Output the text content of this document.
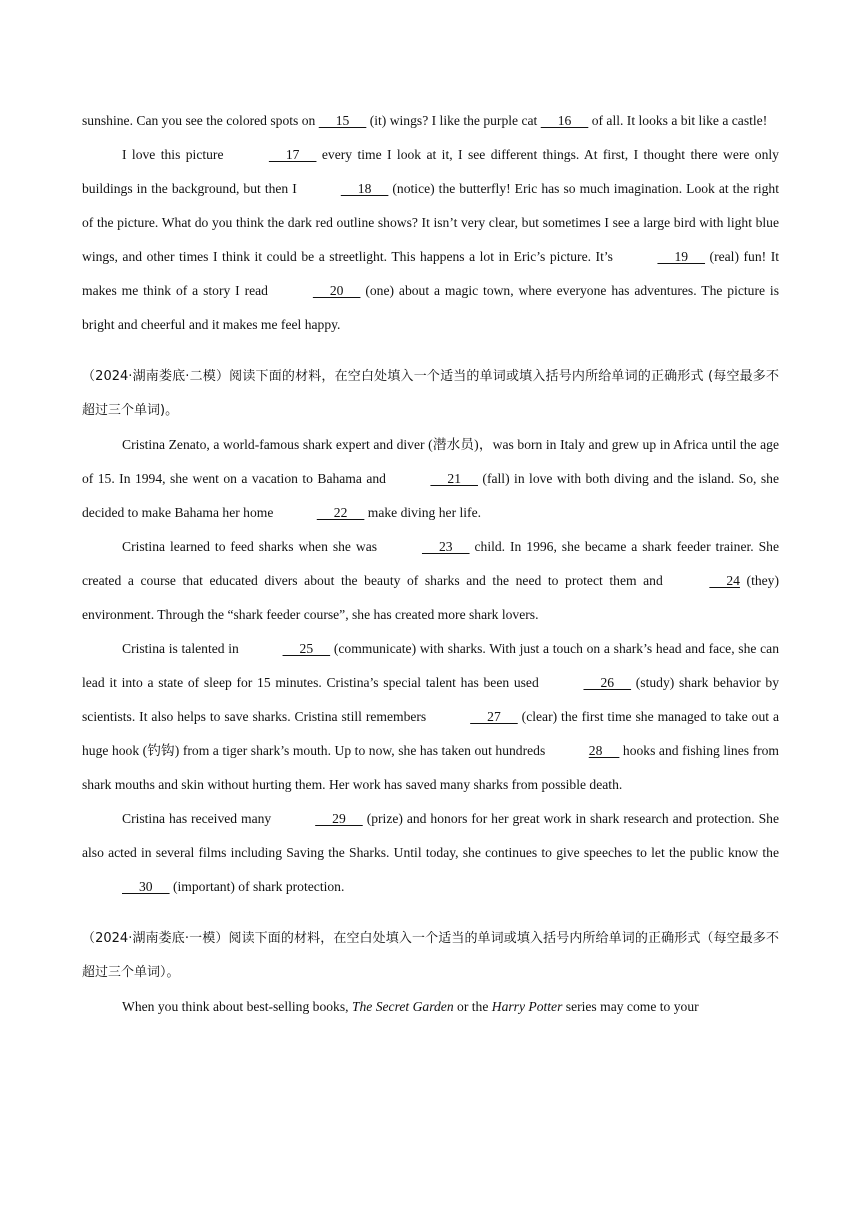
sunshine. Can you see the colored spots on      15      (it) wings? I like the purple cat      16      of all. It looks a bit like a castle!

I love this picture	17      every time I look at it, I see different things. At first, I thought there were only buildings in the background, but then I	18      (notice) the butterfly! Eric has so much imagination. Look at the right of the picture. What do you think the dark red outline shows? It isn’t very clear, but sometimes I see a large bird with light blue wings, and other times I think it could be a streetlight. This happens a lot in Eric’s picture. It’s	19      (real) fun! It makes me think of a story I read	20      (one) about a magic town, where everyone has adventures. The picture is bright and cheerful and it makes me feel happy.

（2024·湖南娄底·二模）阅读下面的材料，在空白处填入一个适当的单词或填入括号内所给单词的正确形式 (每空最多不超过三个单词)。

Cristina Zenato, a world-famous shark expert and diver (潜水员)，was born in Italy and grew up in Africa until the age of 15. In 1994, she went on a vacation to Bahama and	21      (fall) in love with both diving and the island. So, she decided to make Bahama her home	22      make diving her life.

Cristina learned to feed sharks when she was	23      child. In 1996, she became a shark feeder trainer. She created a course that educated divers about the beauty of sharks and the need to protect them and	24 (they) environment. Through the “shark feeder course”, she has created more shark lovers.

Cristina is talented in	25      (communicate) with sharks. With just a touch on a shark’s head and face, she can lead it into a state of sleep for 15 minutes. Cristina’s special talent has been used	26      (study) shark behavior by scientists. It also helps to save sharks. Cristina still remembers	27      (clear) the first time she managed to take out a huge hook (钓钩) from a tiger shark’s mouth. Up to now, she has taken out hundreds	28      hooks and fishing lines from shark mouths and skin without hurting them. Her work has saved many sharks from possible death.

Cristina has received many	29      (prize) and honors for her great work in shark research and protection. She also acted in several films including Saving the Sharks. Until today, she continues to give speeches to let the public know the      30      (important) of shark protection.

（2024·湖南娄底·一模）阅读下面的材料，在空白处填入一个适当的单词或填入括号内所给单词的正确形式（每空最多不超过三个单词）。

When you think about best-selling books, The Secret Garden or the Harry Potter series may come to your
